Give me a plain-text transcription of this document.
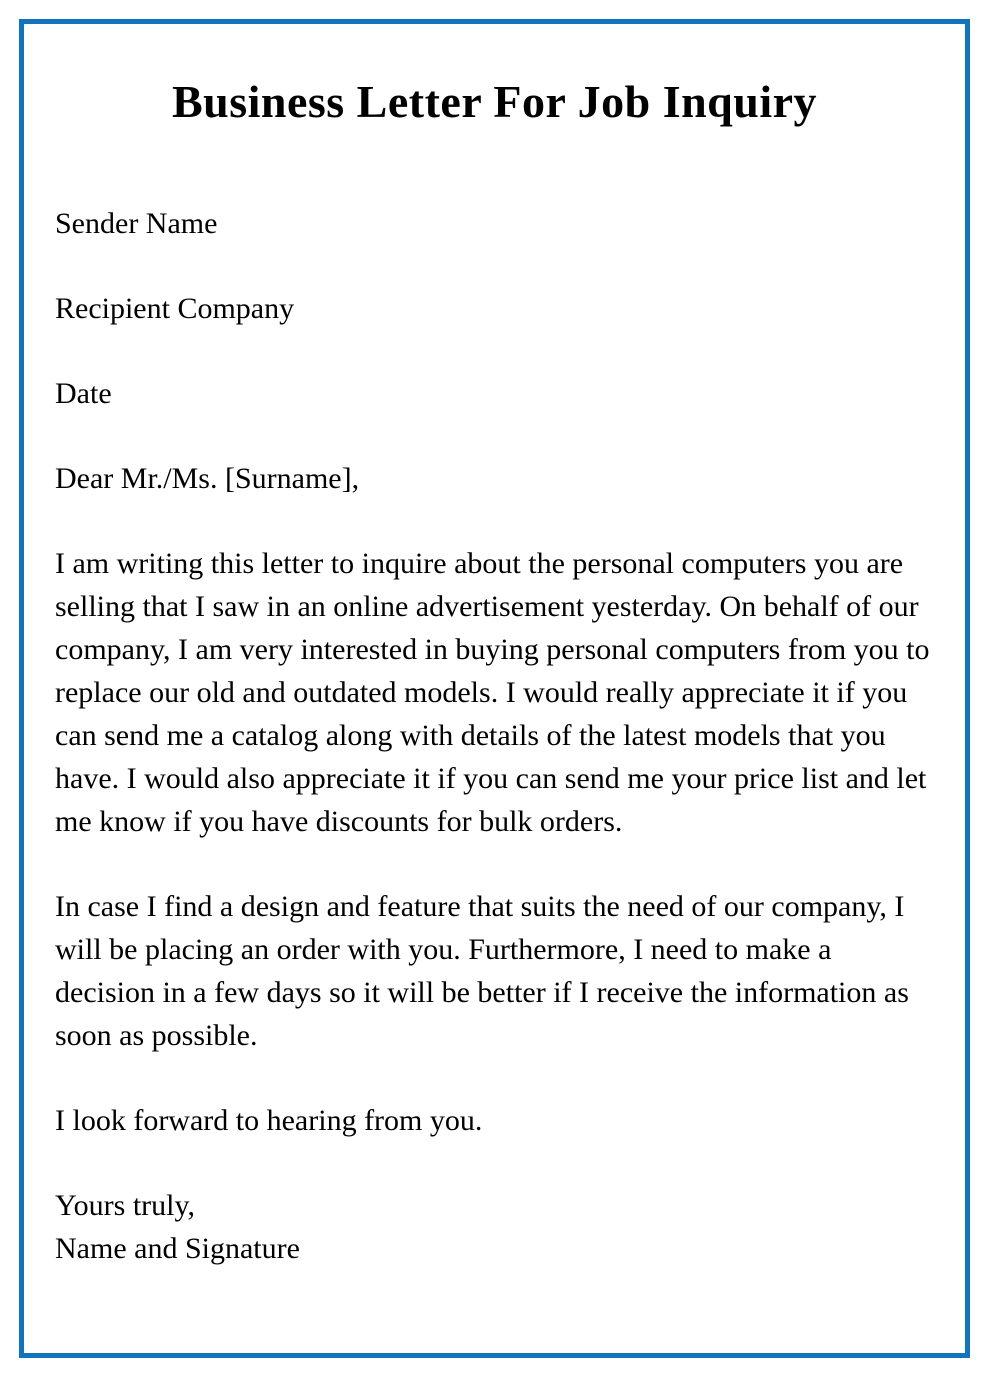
Business Letter For Job Inquiry

Sender Name

Recipient Company

Date

Dear Mr./Ms. [Surname],

I am writing this letter to inquire about the personal computers you are selling that I saw in an online advertisement yesterday. On behalf of our company, I am very interested in buying personal computers from you to replace our old and outdated models. I would really appreciate it if you can send me a catalog along with details of the latest models that you have. I would also appreciate it if you can send me your price list and let me know if you have discounts for bulk orders.

In case I find a design and feature that suits the need of our company, I will be placing an order with you. Furthermore, I need to make a decision in a few days so it will be better if I receive the information as soon as possible.

I look forward to hearing from you.

Yours truly,

Name and Signature
